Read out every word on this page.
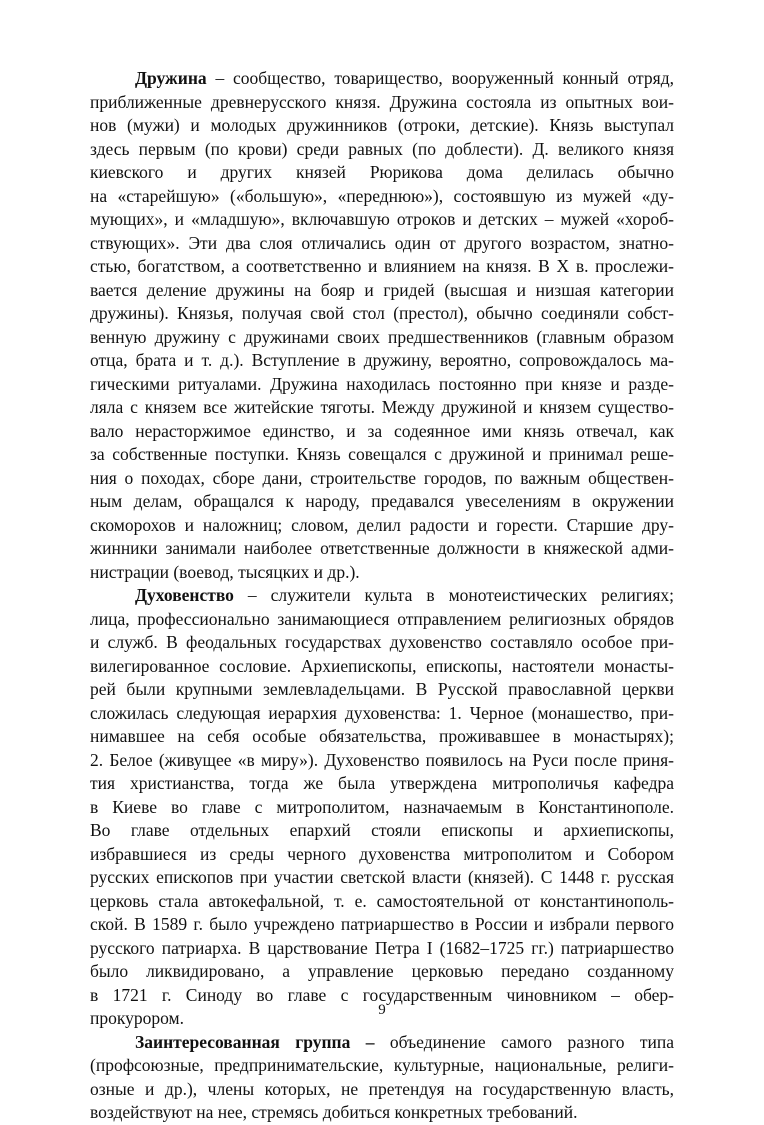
Дружина – сообщество, товарищество, вооруженный конный отряд,
приближенные древнерусского князя. Дружина состояла из опытных вои-
нов (мужи) и молодых дружинников (отроки, детские). Князь выступал
здесь первым (по крови) среди равных (по доблести). Д. великого князя
киевского и других князей Рюрикова дома делилась обычно
на «старейшую» («большую», «переднюю»), состоявшую из мужей «ду-
мующих», и «младшую», включавшую отроков и детских – мужей «хороб-
ствующих». Эти два слоя отличались один от другого возрастом, знатно-
стью, богатством, а соответственно и влиянием на князя. В X в. прослежи-
вается деление дружины на бояр и гридей (высшая и низшая категории
дружины). Князья, получая свой стол (престол), обычно соединяли собст-
венную дружину с дружинами своих предшественников (главным образом
отца, брата и т. д.). Вступление в дружину, вероятно, сопровождалось ма-
гическими ритуалами. Дружина находилась постоянно при князе и разде-
ляла с князем все житейские тяготы. Между дружиной и князем существо-
вало нерасторжимое единство, и за содеянное ими князь отвечал, как
за собственные поступки. Князь совещался с дружиной и принимал реше-
ния о походах, сборе дани, строительстве городов, по важным обществен-
ным делам, обращался к народу, предавался увеселениям в окружении
скоморохов и наложниц; словом, делил радости и горести. Старшие дру-
жинники занимали наиболее ответственные должности в княжеской адми-
нистрации (воевод, тысяцких и др.).
Духовенство – служители культа в монотеистических религиях;
лица, профессионально занимающиеся отправлением религиозных обрядов
и служб. В феодальных государствах духовенство составляло особое при-
вилегированное сословие. Архиепископы, епископы, настоятели монасты-
рей были крупными землевладельцами. В Русской православной церкви
сложилась следующая иерархия духовенства: 1. Черное (монашество, при-
нимавшее на себя особые обязательства, проживавшее в монастырях);
2. Белое (живущее «в миру»). Духовенство появилось на Руси после приня-
тия христианства, тогда же была утверждена митрополичья кафедра
в Киеве во главе с митрополитом, назначаемым в Константинополе.
Во главе отдельных епархий стояли епископы и архиепископы,
избравшиеся из среды черного духовенства митрополитом и Собором
русских епископов при участии светской власти (князей). С 1448 г. русская
церковь стала автокефальной, т. е. самостоятельной от константинополь-
ской. В 1589 г. было учреждено патриаршество в России и избрали первого
русского патриарха. В царствование Петра I (1682–1725 гг.) патриаршество
было ликвидировано, а управление церковью передано созданному
в 1721 г. Синоду во главе с государственным чиновником – обер-
прокурором.
Заинтересованная группа – объединение самого разного типа
(профсоюзные, предпринимательские, культурные, национальные, религи-
озные и др.), члены которых, не претендуя на государственную власть,
воздействуют на нее, стремясь добиться конкретных требований.
9
